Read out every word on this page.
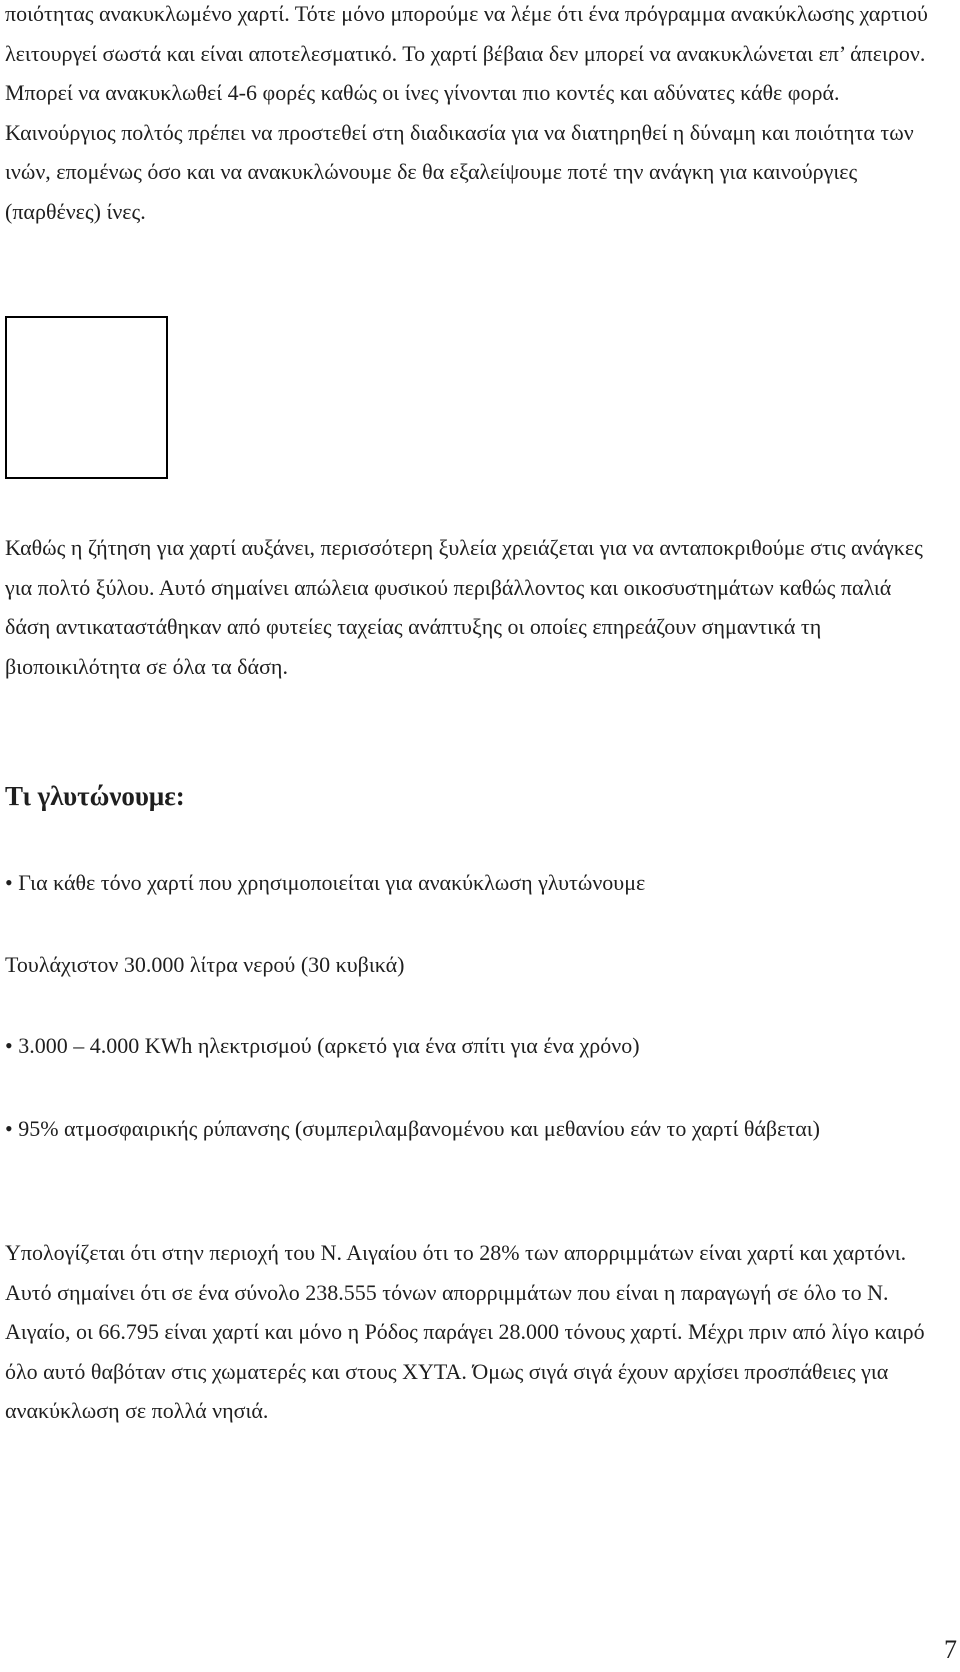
ποιότητας ανακυκλωμένο χαρτί. Τότε μόνο μπορούμε να λέμε ότι ένα πρόγραμμα ανακύκλωσης χαρτιού λειτουργεί σωστά και είναι αποτελεσματικό. Το χαρτί βέβαια δεν μπορεί να ανακυκλώνεται επ’ άπειρον. Μπορεί να ανακυκλωθεί 4-6 φορές καθώς οι ίνες γίνονται πιο κοντές και αδύνατες κάθε φορά. Καινούργιος πολτός πρέπει να προστεθεί στη διαδικασία για να διατηρηθεί η δύναμη και ποιότητα των ινών, επομένως όσο και να ανακυκλώνουμε δε θα εξαλείψουμε ποτέ την ανάγκη για καινούργιες (παρθένες) ίνες.

Καθώς η ζήτηση για χαρτί αυξάνει, περισσότερη ξυλεία χρειάζεται για να ανταποκριθούμε στις ανάγκες για πολτό ξύλου. Αυτό σημαίνει απώλεια φυσικού περιβάλλοντος και οικοσυστημάτων καθώς παλιά δάση αντικαταστάθηκαν από φυτείες ταχείας ανάπτυξης οι οποίες επηρεάζουν σημαντικά τη βιοποικιλότητα σε όλα τα δάση.

Τι γλυτώνουμε:

• Για κάθε τόνο χαρτί που χρησιμοποιείται για ανακύκλωση γλυτώνουμε

Τουλάχιστον 30.000 λίτρα νερού (30 κυβικά)

• 3.000 – 4.000 KWh ηλεκτρισμού (αρκετό για ένα σπίτι για ένα χρόνο)

• 95% ατμοσφαιρικής ρύπανσης (συμπεριλαμβανομένου και μεθανίου εάν το χαρτί θάβεται)

Υπολογίζεται ότι στην περιοχή του Ν. Αιγαίου ότι το 28% των απορριμμάτων είναι χαρτί και χαρτόνι. Αυτό σημαίνει ότι σε ένα σύνολο 238.555 τόνων απορριμμάτων που είναι η παραγωγή σε όλο το Ν. Αιγαίο, οι 66.795 είναι χαρτί και μόνο η Ρόδος παράγει 28.000 τόνους χαρτί. Μέχρι πριν από λίγο καιρό όλο αυτό θαβόταν στις χωματερές και στους ΧΥΤΑ. Όμως σιγά σιγά έχουν αρχίσει προσπάθειες για ανακύκλωση σε πολλά νησιά.

7
